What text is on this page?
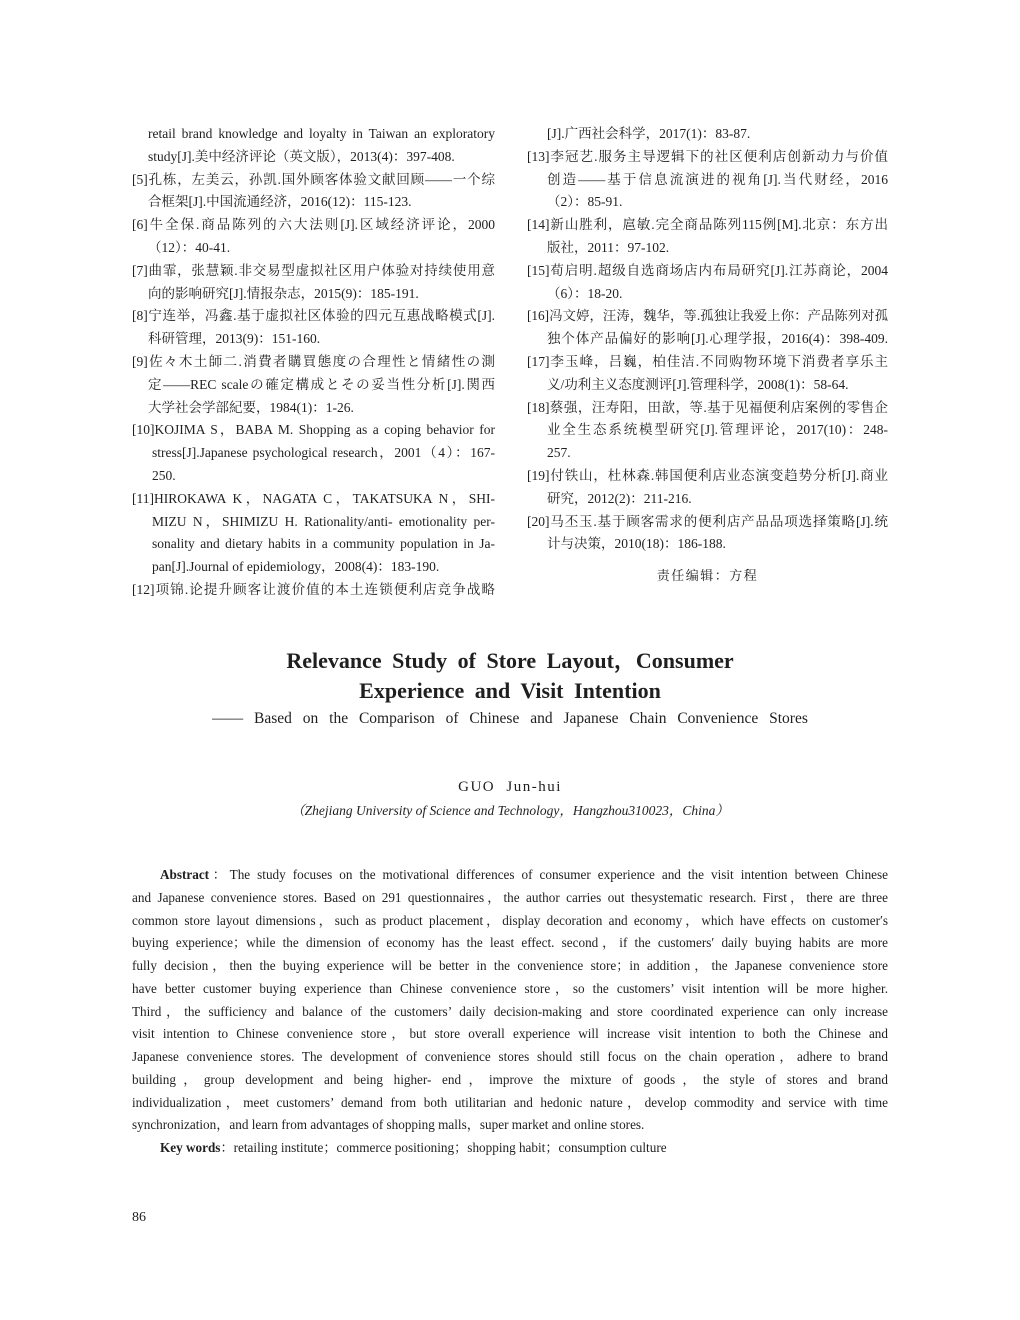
retail brand knowledge and loyalty in Taiwan an exploratory
study[J].美中经济评论（英文版），2013(4)：397-408.
[5]孔栋，左美云，孙凯.国外顾客体验文献回顾——一个综
合框架[J].中国流通经济，2016(12)：115-123.
[6]牛全保.商品陈列的六大法则[J].区域经济评论，2000
（12）：40-41.
[7]曲霏，张慧颖.非交易型虚拟社区用户体验对持续使用意
向的影响研究[J].情报杂志，2015(9)：185-191.
[8]宁连举，冯鑫.基于虚拟社区体验的四元互惠战略模式[J].
科研管理，2013(9)：151-160.
[9]佐々木土師二.消費者購買態度の合理性と情緒性の測
定——REC scaleの確定構成とその妥当性分析[J].関西
大学社会学部紀要，1984(1)：1-26.
[10]KOJIMA S，BABA M. Shopping as a coping behavior for
stress[J].Japanese psychological research，2001（4）：167-
250.
[11]HIROKAWA K，NAGATA C，TAKATSUKA N，SHI-
MIZU N，SHIMIZU H. Rationality/anti- emotionality per-
sonality and dietary habits in a community population in Ja-
pan[J].Journal of epidemiology，2008(4)：183-190.
[12]项锦.论提升顾客让渡价值的本土连锁便利店竞争战略
[J].广西社会科学，2017(1)：83-87.
[13]李冠艺.服务主导逻辑下的社区便利店创新动力与价值
创造——基于信息流演进的视角[J].当代财经，2016
（2）：85-91.
[14]新山胜利，扈敏.完全商品陈列115例[M].北京：东方出
版社，2011：97-102.
[15]荀启明.超级自选商场店内布局研究[J].江苏商论，2004
（6）：18-20.
[16]冯文婷，汪涛，魏华，等.孤独让我爱上你：产品陈列对孤
独个体产品偏好的影响[J].心理学报，2016(4)：398-409.
[17]李玉峰，吕巍，柏佳洁.不同购物环境下消费者享乐主
义/功利主义态度测评[J].管理科学，2008(1)：58-64.
[18]蔡强，汪寿阳，田歆，等.基于见福便利店案例的零售企
业全生态系统模型研究[J].管理评论，2017(10)：248-
257.
[19]付铁山，杜林森.韩国便利店业态演变趋势分析[J].商业
研究，2012(2)：211-216.
[20]马丕玉.基于顾客需求的便利店产品品项选择策略[J].统
计与决策，2010(18)：186-188.
责任编辑：方程
Relevance Study of Store Layout，Consumer
Experience and Visit Intention
—— Based on the Comparison of Chinese and Japanese Chain Convenience Stores
GUO Jun-hui
（Zhejiang University of Science and Technology，Hangzhou310023，China）
Abstract：The study focuses on the motivational differences of consumer experience and the visit intention between Chinese
and Japanese convenience stores. Based on 291 questionnaires，the author carries out thesystematic research. First，there are three
common store layout dimensions，such as product placement，display decoration and economy，which have effects on customer′s
buying experience；while the dimension of economy has the least effect. second，if the customers′ daily buying habits are more
fully decision，then the buying experience will be better in the convenience store；in addition，the Japanese convenience store
have better customer buying experience than Chinese convenience store，so the customers’ visit intention will be more higher.
Third，the sufficiency and balance of the customers’ daily decision-making and store coordinated experience can only increase
visit intention to Chinese convenience store，but store overall experience will increase visit intention to both the Chinese and
Japanese convenience stores. The development of convenience stores should still focus on the chain operation，adhere to brand
building，group development and being higher- end，improve the mixture of goods，the style of stores and brand
individualization，meet customers’ demand from both utilitarian and hedonic nature，develop commodity and service with time
synchronization，and learn from advantages of shopping malls，super market and online stores.
Key words：retailing institute；commerce positioning；shopping habit；consumption culture
86
